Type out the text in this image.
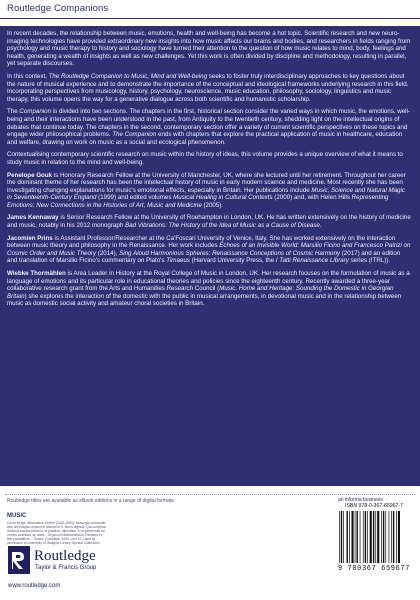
Routledge Companions

In recent decades, the relationship between music, emotions, health and well-being has become a hot topic. Scientific research and new neuro-imaging technologies have provided extraordinary new insights into how music affects our brains and bodies, and researchers in fields ranging from psychology and music therapy to history and sociology have turned their attention to the question of how music relates to mind, body, feelings and health, generating a wealth of insights as well as new challenges. Yet this work is often divided by discipline and methodology, resulting in parallel, yet separate discourses.

In this context, The Routledge Companion to Music, Mind and Well-being seeks to foster truly interdisciplinary approaches to key questions about the nature of musical experience and to demonstrate the importance of the conceptual and ideological frameworks underlying research in this field. Incorporating perspectives from musicology, history, psychology, neuroscience, music education, philosophy, sociology, linguistics and music therapy, this volume opens the way for a generative dialogue across both scientific and humanistic scholarship.

The Companion is divided into two sections. The chapters in the first, historical section consider the varied ways in which music, the emotions, well-being and their interactions have been understood in the past, from Antiquity to the twentieth century, shedding light on the intellectual origins of debates that continue today. The chapters in the second, contemporary section offer a variety of current scientific perspectives on these topics and engage wider philosophical problems. The Companion ends with chapters that explore the practical application of music in healthcare, education and welfare, drawing on work on music as a social and ecological phenomenon.

Contextualising contemporary scientific research on music within the history of ideas, this volume provides a unique overview of what it means to study music in relation to the mind and well-being.

Penelope Gouk is Honorary Research Fellow at the University of Manchester, UK, where she lectured until her retirement. Throughout her career the dominant theme of her research has been the intellectual history of music in early modern science and medicine. Most recently she has been investigating changing explanations for music's emotional effects, especially in Britain. Her publications include Music, Science and Natural Magic in Seventeenth-Century England (1999) and edited volumes Musical Healing in Cultural Contexts (2000) and, with Helen Hills Representing Emotions: New Connections in the Histories of Art, Music and Medicine (2005).

James Kennaway is Senior Research Fellow at the University of Roehampton in London, UK. He has written extensively on the history of medicine and music, notably in his 2012 monograph Bad Vibrations: The History of the Idea of Music as a Cause of Disease.

Jacomien Prins is Assistant Professor/Researcher at the Ca'Foscari University of Venice, Italy. She has worked extensively on the interaction between music theory and philosophy in the Renaissance. Her work includes Echoes of an Invisible World: Marsilio Ficino and Francesco Patrizi on Cosmic Order and Music Theory (2014), Sing Aloud Harmonious Spheres: Renaissance Conceptions of Cosmic Harmony (2017) and an edition and translation of Marsilio Ficino's commentary on Plato's Timaeus (Harvard University Press, the I Tatti Renaissance Library series (ITRL)).

Wiebke Thormählen is Area Leader in History at the Royal College of Music in London, UK. Her research focuses on the formulation of music as a language of emotions and its particular role in educational theories and policies since the eighteenth century. Recently awarded a three-year collaborative research grant from the Arts and Humanities Research Council (Music, Home and Heritage: Sounding the Domestic in Georgian Britain) she explores the interaction of the domestic with the public in musical arrangements, in devotional music and in the relationship between music as domestic social activity and amateur choral societies in Britain.

Routledge titles are available as eBook editions in a range of digital formats
MUSIC
Cover image: Athanasius Kircher (1602-1680). Musurgia universalis sive ars magna consoni et dissoni in X. libros digesta. Quo universa doctrina musica theorica, et practica, rationibus, et experimentis ad omnes scientias, ac artes... Organum Mathematicum Panacea ex fide pulsatilibus ... Roma: Corbelletti, 1650. Libri 10. Used by permission of University of Glasgow Library, Special Collections
Routledge
Taylor & Francis Group
www.routledge.com
an informa business
ISBN 978-0-367-65967-7
9 780367 659677
